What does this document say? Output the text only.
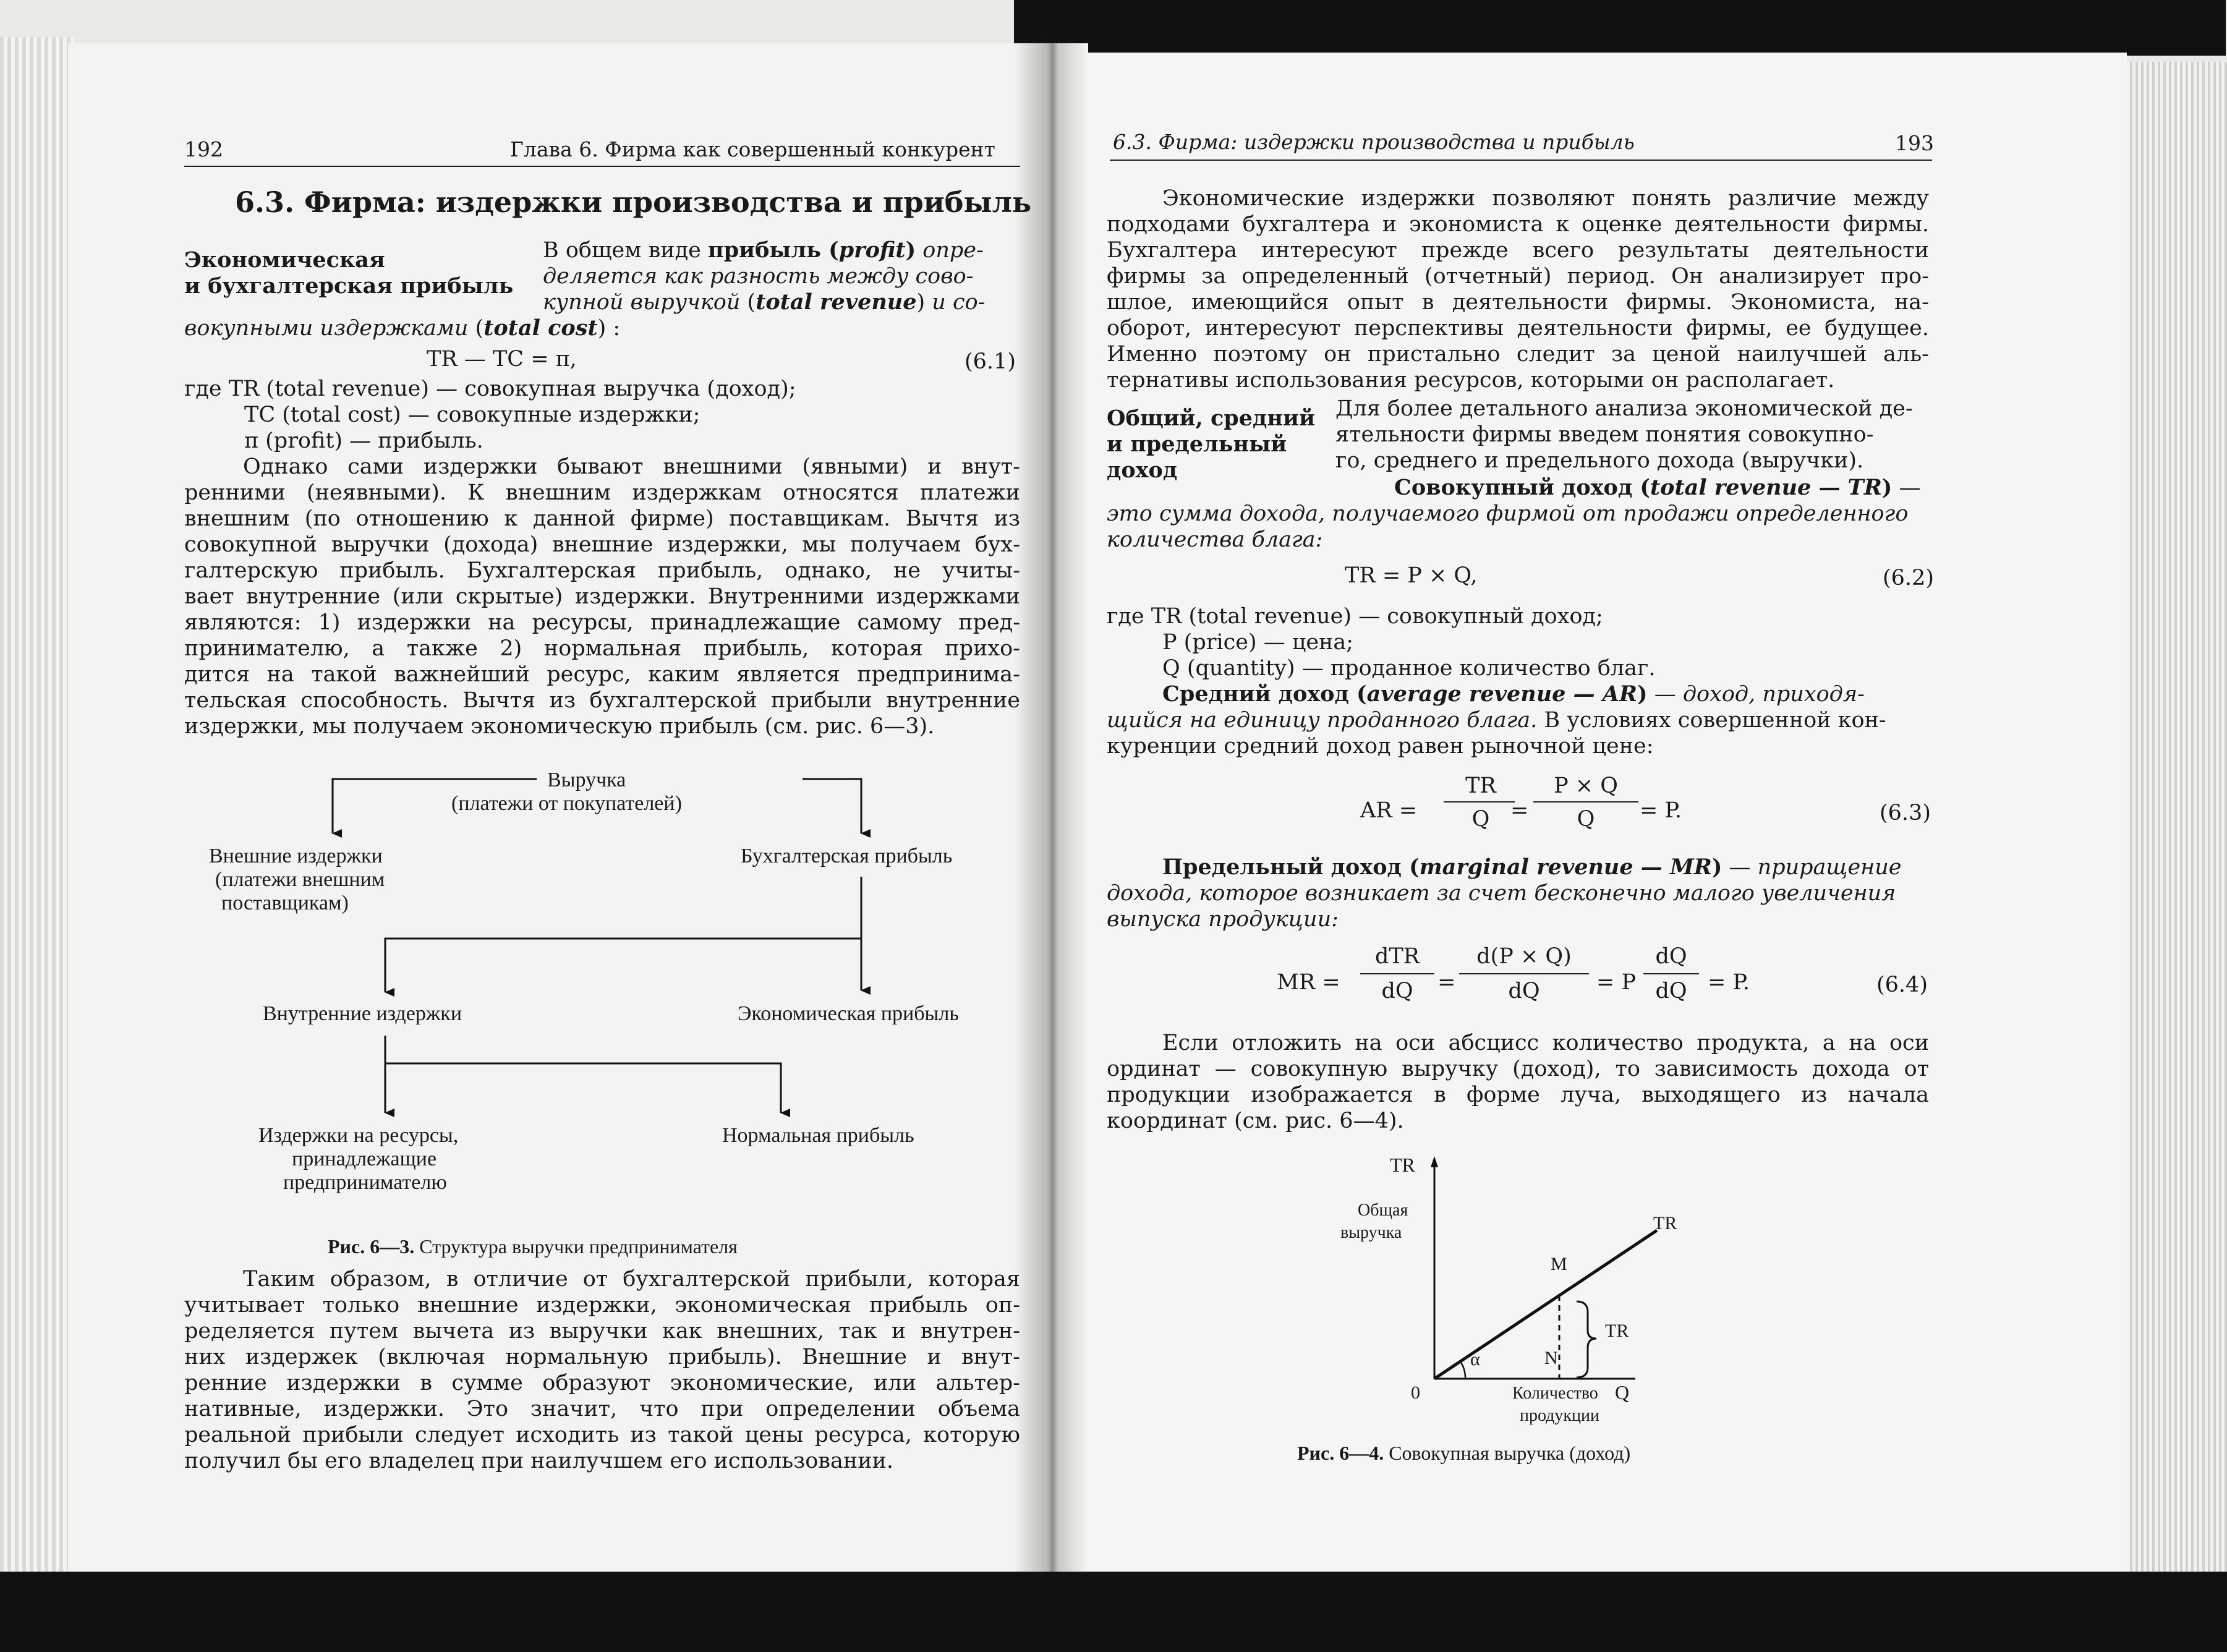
192	Глава 6. Фирма как совершенный конкурент
6.3. Фирма: издержки производства и прибыль
Экономическая
и бухгалтерская прибыль
В общем виде прибыль (profit) опре-
деляется как разность между сово-
купной выручкой (total revenue) и со-
вокупными издержками (total cost) :
TR — TC = π,	(6.1)
где TR (total revenue) — совокупная выручка (доход);
TC (total cost) — совокупные издержки;
π (profit) — прибыль.
Однако сами издержки бывают внешними (явными) и внут-
ренними (неявными). К внешним издержкам относятся платежи
внешним (по отношению к данной фирме) поставщикам. Вычтя из
совокупной выручки (дохода) внешние издержки, мы получаем бух-
галтерскую прибыль. Бухгалтерская прибыль, однако, не учиты-
вает внутренние (или скрытые) издержки. Внутренними издержками
являются: 1) издержки на ресурсы, принадлежащие самому пред-
принимателю, а также 2) нормальная прибыль, которая прихо-
дится на такой важнейший ресурс, каким является предпринима-
тельская способность. Вычтя из бухгалтерской прибыли внутренние
издержки, мы получаем экономическую прибыль (см. рис. 6—3).
Выручка
(платежи от покупателей)
Внешние издержки
(платежи внешним
поставщикам)
Бухгалтерская прибыль
Внутренние издержки	Экономическая прибыль
Издержки на ресурсы,
принадлежащие
предпринимателю
Нормальная прибыль
Рис. 6—3. Структура выручки предпринимателя
Таким образом, в отличие от бухгалтерской прибыли, которая
учитывает только внешние издержки, экономическая прибыль оп-
ределяется путем вычета из выручки как внешних, так и внутрен-
них издержек (включая нормальную прибыль). Внешние и внут-
ренние издержки в сумме образуют экономические, или альтер-
нативные, издержки. Это значит, что при определении объема
реальной прибыли следует исходить из такой цены ресурса, которую
получил бы его владелец при наилучшем его использовании.
6.3. Фирма: издержки производства и прибыль	193
Экономические издержки позволяют понять различие между
подходами бухгалтера и экономиста к оценке деятельности фирмы.
Бухгалтера интересуют прежде всего результаты деятельности
фирмы за определенный (отчетный) период. Он анализирует про-
шлое, имеющийся опыт в деятельности фирмы. Экономиста, на-
оборот, интересуют перспективы деятельности фирмы, ее будущее.
Именно поэтому он пристально следит за ценой наилучшей аль-
тернативы использования ресурсов, которыми он располагает.
Общий, средний
и предельный
доход
Для более детального анализа экономической де-
ятельности фирмы введем понятия совокупно-
го, среднего и предельного дохода (выручки).
Совокупный доход (total revenue — TR) —
это сумма дохода, получаемого фирмой от продажи определенного
количества блага:
TR = P × Q,	(6.2)
где TR (total revenue) — совокупный доход;
P (price) — цена;
Q (quantity) — проданное количество благ.
Средний доход (average revenue — AR) — доход, приходя-
щийся на единицу проданного блага. В условиях совершенной кон-
куренции средний доход равен рыночной цене:
AR =
TR
Q =
P × Q
Q	= P.	(6.3)
Предельный доход (marginal revenue — MR) — приращение
дохода, которое возникает за счет бесконечно малого увеличения
выпуска продукции:
MR =
dTR
dQ	=
d(P × Q)
dQ	= P
dQ
dQ = P.	(6.4)
Если отложить на оси абсцисс количество продукта, а на оси
ординат — совокупную выручку (доход), то зависимость дохода от
продукции изображается в форме луча, выходящего из начала
координат (см. рис. 6—4).
TR
Общая
выручка	TR
M
N
α
0
TR
Количество
продукции
Q
Рис. 6—4. Совокупная выручка (доход)
